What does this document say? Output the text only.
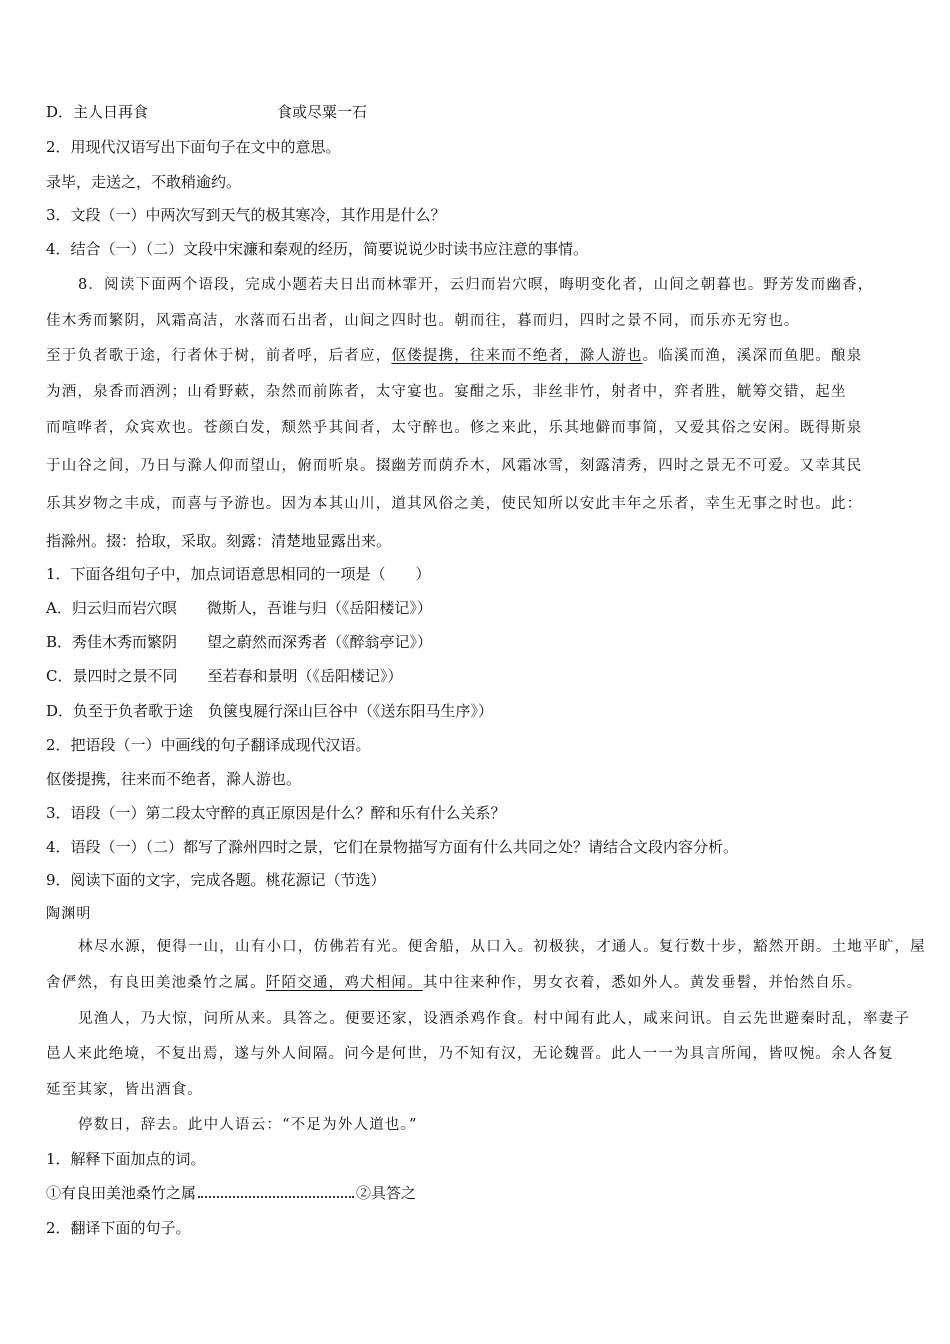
D．主人日再食	食或尽粟一石
2．用现代汉语写出下面句子在文中的意思。
录毕，走送之，不敢稍逾约。
3．文段（一）中两次写到天气的极其寒冷，其作用是什么？
4．结合（一）（二）文段中宋濂和秦观的经历，简要说说少时读书应注意的事情。
8．阅读下面两个语段，完成小题若夫日出而林霏开，云归而岩穴暝，晦明变化者，山间之朝暮也。野芳发而幽香，
佳木秀而繁阴，风霜高洁，水落而石出者，山间之四时也。朝而往，暮而归，四时之景不同，而乐亦无穷也。
至于负者歌于途，行者休于树，前者呼，后者应，伛偻提携，往来而不绝者，滁人游也。临溪而渔，溪深而鱼肥。酿泉
为酒，泉香而酒洌；山肴野蔌，杂然而前陈者，太守宴也。宴酣之乐，非丝非竹，射者中，弈者胜，觥筹交错，起坐
而喧哗者，众宾欢也。苍颜白发，颓然乎其间者，太守醉也。修之来此，乐其地僻而事简，又爱其俗之安闲。既得斯泉
于山谷之间，乃日与滁人仰而望山，俯而听泉。掇幽芳而荫乔木，风霜冰雪，刻露清秀，四时之景无不可爱。又幸其民
乐其岁物之丰成，而喜与予游也。因为本其山川，道其风俗之美，使民知所以安此丰年之乐者，幸生无事之时也。此：
指滁州。掇：拾取，采取。刻露：清楚地显露出来。
1．下面各组句子中，加点词语意思相同的一项是（　　）
A．归云归而岩穴暝　　微斯人，吾谁与归（《岳阳楼记》）
B．秀佳木秀而繁阴　　望之蔚然而深秀者（《醉翁亭记》）
C．景四时之景不同　　至若春和景明（《岳阳楼记》）
D．负至于负者歌于途　负箧曳屣行深山巨谷中（《送东阳马生序》）
2．把语段（一）中画线的句子翻译成现代汉语。
伛偻提携，往来而不绝者，滁人游也。
3．语段（一）第二段太守醉的真正原因是什么？醉和乐有什么关系？
4．语段（一）（二）都写了滁州四时之景，它们在景物描写方面有什么共同之处？请结合文段内容分析。
9．阅读下面的文字，完成各题。桃花源记（节选）
陶渊明
林尽水源，便得一山，山有小口，仿佛若有光。便舍船，从口入。初极狭，才通人。复行数十步，豁然开朗。土地平旷，屋
舍俨然，有良田美池桑竹之属。阡陌交通，鸡犬相闻。其中往来种作，男女衣着，悉如外人。黄发垂髫，并怡然自乐。
见渔人，乃大惊，问所从来。具答之。便要还家，设酒杀鸡作食。村中闻有此人，咸来问讯。自云先世避秦时乱，率妻子
邑人来此绝境，不复出焉，遂与外人间隔。问今是何世，乃不知有汉，无论魏晋。此人一一为具言所闻，皆叹惋。余人各复
延至其家，皆出酒食。
停数日，辞去。此中人语云：“不足为外人道也。”
1．解释下面加点的词。
①有良田美池桑竹之属	②具答之
2．翻译下面的句子。
